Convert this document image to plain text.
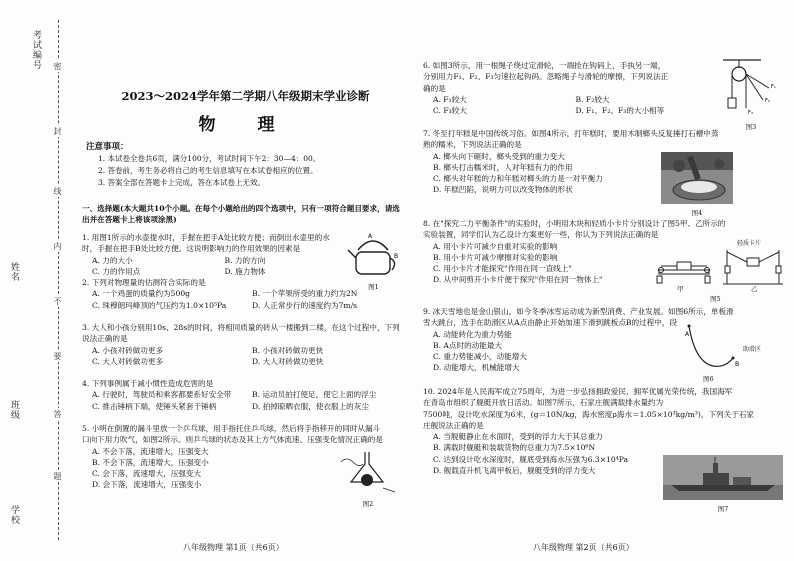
考试编号
姓名
班级
学校
密
封
线
内
不
要
答
题
2023～2024学年第二学期八年级期末学业诊断
物 理
注意事项：
1. 本试卷全卷共6页，满分100分，考试时间下午2：30—4：00。
2. 答卷前，考生务必将自己的考生信息填写在本试卷相应的位置。
3. 答案全部在答题卡上完成，答在本试卷上无效。
一、选择题(本大题共10个小题。在每个小题给出的四个选项中，只有一项符合题目要求，请选
出并在答题卡上将该项涂黑)
1. 用图1所示的水壶提水时，手握在把手A处比较方便；而倒出水壶里的水
时，手握在把手B处比较方便。这说明影响力的作用效果的因素是
A. 力的大小	B. 力的方向
C. 力的作用点	D. 施力物体
A
B
图1
2. 下列对物理量的估测符合实际的是
A. 一个鸡蛋的质量约为500g	B. 一个苹果所受的重力约为2N
C. 珠穆朗玛峰顶的气压约为1.0×10⁵Pa	D. 人正常步行的速度约为7m/s
3. 大人和小孩分别用10s、28s的时间，将相同质量的砖从一楼搬到二楼，在这个过程中，下列
说法正确的是
A. 小孩对砖做功更多	B. 小孩对砖做功更快
C. 大人对砖做功更多	D. 大人对砖做功更快
4. 下列事例属于减小惯性造成危害的是
A. 行驶时，驾驶员和乘客都要系好安全带	B. 运动员拍打使足，使它上面的浮尘
C. 推击锤柄下端，使锤头紧套于锤柄	D. 拍掉晾晒衣服，使衣服上的灰尘
5. 小明在倒置的漏斗里放一个乒乓球，用手指托住乒乓球，然后将手指移开的同时从漏斗
口向下用力吹气，如图2所示。则乒乓球的状态及其上方气体流速、压强变化情况正确的是
A. 不会下落，流速增大，压强变大
B. 不会下落，流速增大，压强变小
C. 会下落，流速增大，压强变大
D. 会下落，流速增大，压强变小
图2
八年级物理 第1页（共6页）
6. 如图3所示，用一根绳子绕过定滑轮，一端拴在钩码上，手执另一端，
分别用力F₁、F₂、F₃匀速拉起钩码。忽略绳子与滑轮的摩擦，下列说法正
确的是
A. F₁较大	B. F₂较大
C. F₃较大	D. F₁、F₂、F₃的大小相等
F₁
F₂
F₃
图3
7. 冬至打年糕是中国传统习俗。如图4所示，打年糕时，要用木制榔头反复捶打石槽中蒸
熟的糯米，下列说法正确的是
A. 榔头向下砸时，榔头受到的重力变大
B. 榔头打击糯米时，人对年糕有力的作用
C. 榔头对年糕的力和年糕对榔头的力是一对平衡力
D. 年糕凹陷，说明力可以改变物体的形状
图4
8. 在"探究二力平衡条件"的实验时，小明用木块和轻质小卡片分别设计了图5甲、乙所示的
实验装置，同学们认为乙设计方案更好一些，你认为下列说法正确的是
A. 用小卡片可减少自重对实验的影响
B. 用小卡片可减少摩擦对实验的影响
C. 用小卡片才能探究"作用在同一直线上"
D. 从中间剪开小卡片便于探究"作用在同一物体上"
甲	乙
轻质卡片
图5
9. 冰天雪地也是金山银山，如今冬季冰雪运动成为新型消费、产业发展。如图6所示，单板滑
雪大跳台，选手在助滑区从A点由静止开始加速下滑到跳板点B的过程中，段
A. 动能转化为重力势能
B. A点时的动能最大
C. 重力势能减小，动能增大
D. 动能增大，机械能增大
A
B
助滑区
图6
10. 2024年是人民海军成立75周年，为进一步弘扬拥政爱民、拥军优属光荣传统，我国海军
在青岛市组织了舰艇开放日活动。如图7所示，石家庄舰满载排水量约为
7500吨，设计吃水深度为6米，(g＝10N/kg，海水密度ρ海水＝1.05×10³kg/m³)，下列关于石家
庄舰说法正确的是
A. 当舰艇静止在水面时，受到的浮力大于其总重力
B. 满载时舰艇和装载货物的总重力为7.5×10⁶N
C. 达到设计吃水深度时，舰底受到海水压强为6.3×10⁴Pa
D. 舰载直升机飞离甲板后，舰艇受到的浮力变大
图7
八年级物理 第2页（共6页）
